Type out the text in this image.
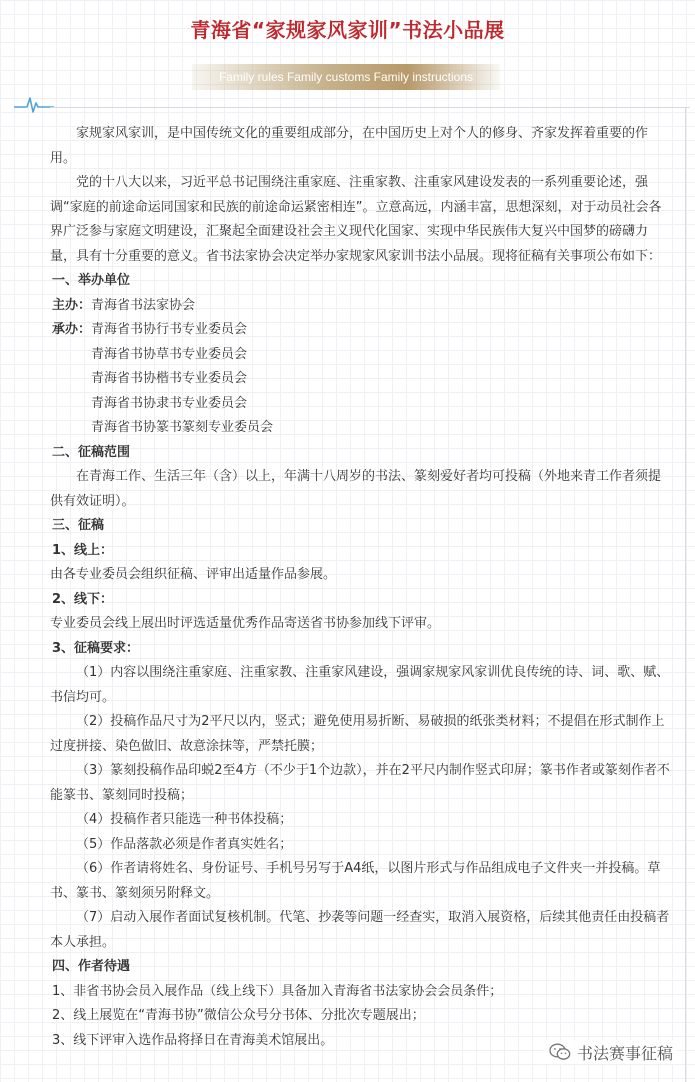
青海省“家规家风家训”书法小品展
Family rules Family customs Family instructions

家规家风家训，是中国传统文化的重要组成部分，在中国历史上对个人的修身、齐家发挥着重要的作用。

党的十八大以来，习近平总书记围绕注重家庭、注重家教、注重家风建设发表的一系列重要论述，强调“家庭的前途命运同国家和民族的前途命运紧密相连”。立意高远，内涵丰富，思想深刻，对于动员社会各界广泛参与家庭文明建设，汇聚起全面建设社会主义现代化国家、实现中华民族伟大复兴中国梦的磅礴力量，具有十分重要的意义。省书法家协会决定举办家规家风家训书法小品展。现将征稿有关事项公布如下：

一、举办单位

主办：青海省书法家协会

承办：青海省书协行书专业委员会

青海省书协草书专业委员会

青海省书协楷书专业委员会

青海省书协隶书专业委员会

青海省书协篆书篆刻专业委员会

二、征稿范围

在青海工作、生活三年（含）以上，年满十八周岁的书法、篆刻爱好者均可投稿（外地来青工作者须提供有效证明）。

三、征稿

1、线上：

由各专业委员会组织征稿、评审出适量作品参展。

2、线下：

专业委员会线上展出时评选适量优秀作品寄送省书协参加线下评审。

3、征稿要求：

（1）内容以围绕注重家庭、注重家教、注重家风建设，强调家规家风家训优良传统的诗、词、歌、赋、书信均可。

（2）投稿作品尺寸为2平尺以内，竖式；避免使用易折断、易破损的纸张类材料；不提倡在形式制作上过度拼接、染色做旧、故意涂抹等，严禁托膜；

（3）篆刻投稿作品印蜕2至4方（不少于1个边款），并在2平尺内制作竖式印屏；篆书作者或篆刻作者不能篆书、篆刻同时投稿；

（4）投稿作者只能选一种书体投稿；

（5）作品落款必须是作者真实姓名；

（6）作者请将姓名、身份证号、手机号另写于A4纸，以图片形式与作品组成电子文件夹一并投稿。草书、篆书、篆刻须另附释文。

（7）启动入展作者面试复核机制。代笔、抄袭等问题一经查实，取消入展资格，后续其他责任由投稿者本人承担。

四、作者待遇

1、非省书协会员入展作品（线上线下）具备加入青海省书法家协会会员条件；

2、线上展览在“青海书协”微信公众号分书体、分批次专题展出；

3、线下评审入选作品将择日在青海美术馆展出。

书法赛事征稿
